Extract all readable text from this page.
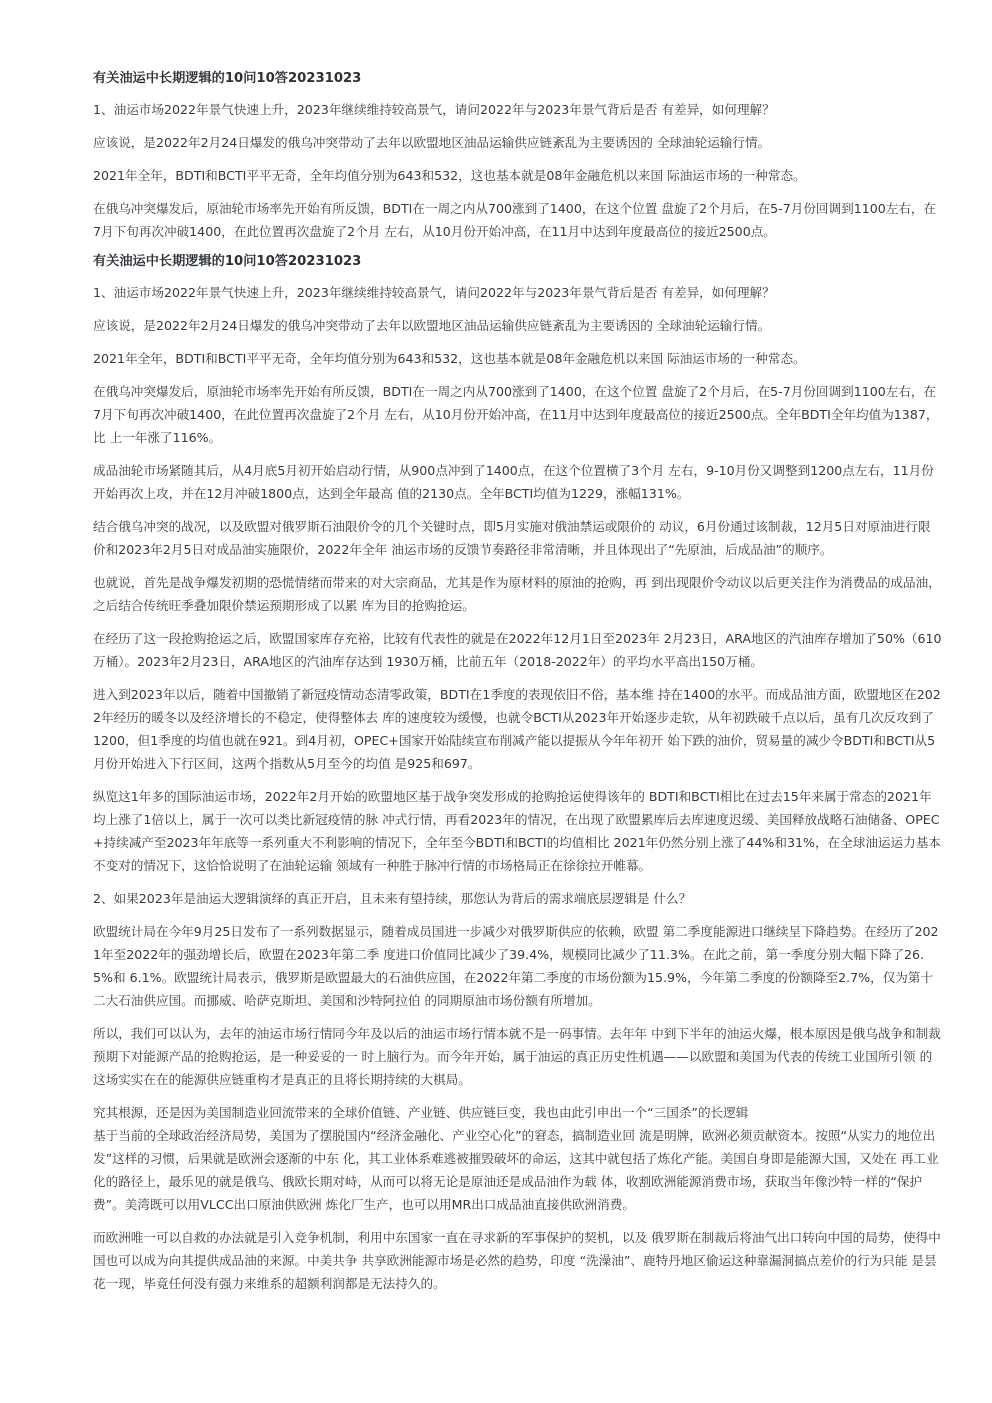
有关油运中长期逻辑的10问10答20231023

1、油运市场2022年景气快速上升，2023年继续维持较高景气，请问2022年与2023年景气背后是否 有差异，如何理解？

应该说，是2022年2月24日爆发的俄乌冲突带动了去年以欧盟地区油品运输供应链紊乱为主要诱因的 全球油轮运输行情。

2021年全年，BDTI和BCTI平平无奇，全年均值分别为643和532，这也基本就是08年金融危机以来国 际油运市场的一种常态。

在俄乌冲突爆发后，原油轮市场率先开始有所反馈，BDTI在一周之内从700涨到了1400，在这个位置 盘旋了2个月后，在5-7月份回调到1100左右，在7月下旬再次冲破1400，在此位置再次盘旋了2个月 左右，从10月份开始冲高，在11月中达到年度最高位的接近2500点。

有关油运中长期逻辑的10问10答20231023

1、油运市场2022年景气快速上升，2023年继续维持较高景气，请问2022年与2023年景气背后是否 有差异，如何理解？

应该说，是2022年2月24日爆发的俄乌冲突带动了去年以欧盟地区油品运输供应链紊乱为主要诱因的 全球油轮运输行情。

2021年全年，BDTI和BCTI平平无奇，全年均值分别为643和532，这也基本就是08年金融危机以来国 际油运市场的一种常态。

在俄乌冲突爆发后，原油轮市场率先开始有所反馈，BDTI在一周之内从700涨到了1400，在这个位置 盘旋了2个月后，在5-7月份回调到1100左右，在7月下旬再次冲破1400，在此位置再次盘旋了2个月 左右，从10月份开始冲高，在11月中达到年度最高位的接近2500点。全年BDTI全年均值为1387，比 上一年涨了116%。

成品油轮市场紧随其后，从4月底5月初开始启动行情，从900点冲到了1400点，在这个位置横了3个月 左右，9-10月份又调整到1200点左右，11月份开始再次上攻，并在12月冲破1800点，达到全年最高 值的2130点。全年BCTI均值为1229，涨幅131%。

结合俄乌冲突的战况，以及欧盟对俄罗斯石油限价令的几个关键时点，即5月实施对俄油禁运或限价的 动议，6月份通过该制裁，12月5日对原油进行限价和2023年2月5日对成品油实施限价，2022年全年 油运市场的反馈节奏路径非常清晰，并且体现出了“先原油，后成品油”的顺序。

也就说，首先是战争爆发初期的恐慌情绪而带来的对大宗商品，尤其是作为原材料的原油的抢购，再 到出现限价令动议以后更关注作为消费品的成品油，之后结合传统旺季叠加限价禁运预期形成了以累 库为目的抢购抢运。

在经历了这一段抢购抢运之后，欧盟国家库存充裕，比较有代表性的就是在2022年12月1日至2023年 2月23日，ARA地区的汽油库存增加了50%（610万桶）。2023年2月23日，ARA地区的汽油库存达到 1930万桶，比前五年（2018-2022年）的平均水平高出150万桶。

进入到2023年以后，随着中国撤销了新冠疫情动态清零政策，BDTI在1季度的表现依旧不俗，基本维 持在1400的水平。而成品油方面，欧盟地区在2022年经历的暖冬以及经济增长的不稳定，使得整体去 库的速度较为缓慢，也就令BCTI从2023年开始逐步走软，从年初跌破千点以后，虽有几次反攻到了 1200，但1季度的均值也就在921。到4月初，OPEC+国家开始陆续宣布削减产能以提振从今年年初开 始下跌的油价，贸易量的减少令BDTI和BCTI从5月份开始进入下行区间，这两个指数从5月至今的均值 是925和697。

纵览这1年多的国际油运市场，2022年2月开始的欧盟地区基于战争突发形成的抢购抢运使得该年的 BDTI和BCTI相比在过去15年来属于常态的2021年均上涨了1倍以上，属于一次可以类比新冠疫情的脉 冲式行情，再看2023年的情况，在出现了欧盟累库后去库速度迟缓、美国释放战略石油储备、OPEC+持续减产至2023年年底等一系列重大不利影响的情况下，全年至今BDTI和BCTI的均值相比 2021年仍然分别上涨了44%和31%，在全球油运运力基本不变对的情况下，这恰恰说明了在油轮运输 领域有一种胜于脉冲行情的市场格局正在徐徐拉开帷幕。

2、如果2023年是油运大逻辑演绎的真正开启，且未来有望持续，那您认为背后的需求端底层逻辑是 什么？

欧盟统计局在今年9月25日发布了一系列数据显示，随着成员国进一步减少对俄罗斯供应的依赖，欧盟 第二季度能源进口继续呈下降趋势。在经历了2021年至2022年的强劲增长后，欧盟在2023年第二季 度进口价值同比减少了39.4%，规模同比减少了11.3%。在此之前，第一季度分别大幅下降了26.5%和 6.1%。欧盟统计局表示，俄罗斯是欧盟最大的石油供应国，在2022年第二季度的市场份额为15.9%，今年第二季度的份额降至2.7%，仅为第十二大石油供应国。而挪威、哈萨克斯坦、美国和沙特阿拉伯 的同期原油市场份额有所增加。

所以，我们可以认为，去年的油运市场行情同今年及以后的油运市场行情本就不是一码事情。去年年 中到下半年的油运火爆，根本原因是俄乌战争和制裁预期下对能源产品的抢购抢运，是一种妥妥的一 时上脑行为。而今年开始，属于油运的真正历史性机遇——以欧盟和美国为代表的传统工业国所引领 的这场实实在在的能源供应链重构才是真正的且将长期持续的大棋局。

究其根源，还是因为美国制造业回流带来的全球价值链、产业链、供应链巨变，我也由此引申出一个“三国杀”的长逻辑

基于当前的全球政治经济局势，美国为了摆脱国内“经济金融化、产业空心化”的窘态，搞制造业回 流是明牌，欧洲必须贡献资本。按照“从实力的地位出发”这样的习惯，后果就是欧洲会逐渐的中东 化，其工业体系难逃被摧毁破坏的命运，这其中就包括了炼化产能。美国自身即是能源大国，又处在 再工业化的路径上，最乐见的就是俄乌、俄欧长期对峙，从而可以将无论是原油还是成品油作为载 体，收割欧洲能源消费市场，获取当年像沙特一样的“保护费”。美湾既可以用VLCC出口原油供欧洲 炼化厂生产，也可以用MR出口成品油直接供欧洲消费。

而欧洲唯一可以自救的办法就是引入竞争机制，利用中东国家一直在寻求新的军事保护的契机，以及 俄罗斯在制裁后将油气出口转向中国的局势，使得中国也可以成为向其提供成品油的来源。中美共争 共享欧洲能源市场是必然的趋势，印度 “洗澡油”、鹿特丹地区偷运这种靠漏洞搞点差价的行为只能 是昙花一现，毕竟任何没有强力来维系的超额利润都是无法持久的。
